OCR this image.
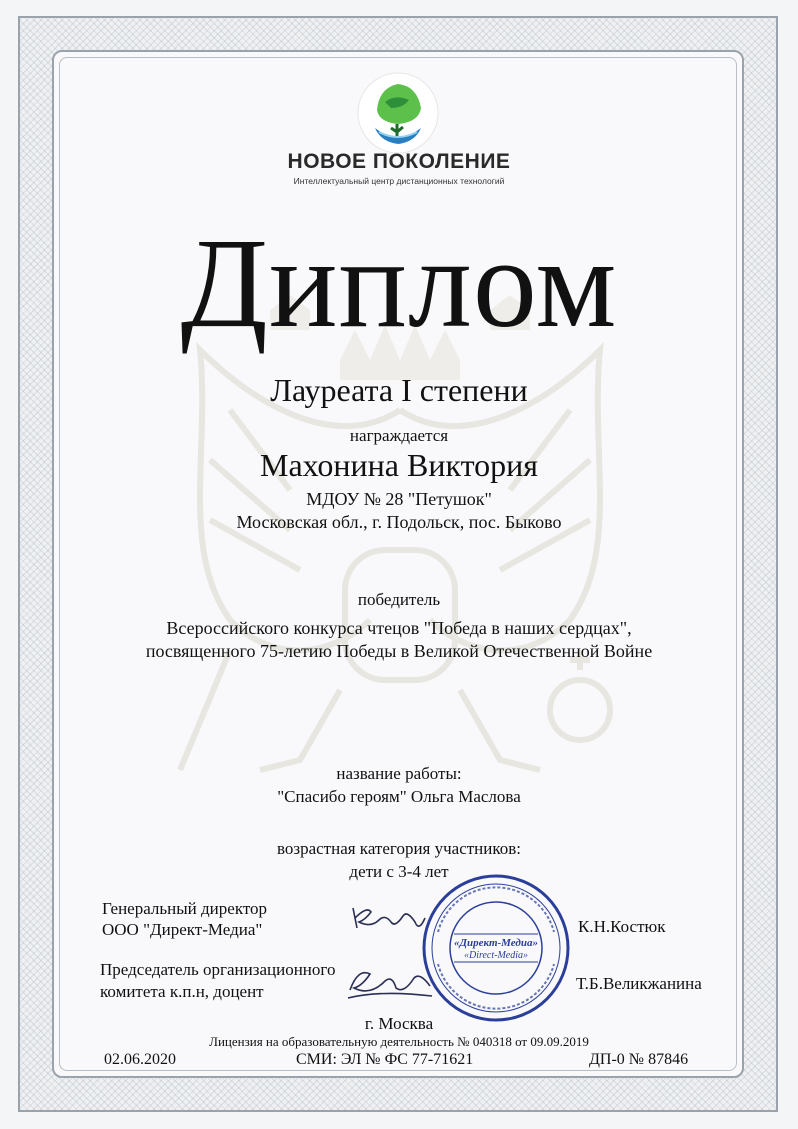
НОВОЕ ПОКОЛЕНИЕ
Интеллектуальный центр дистанционных технологий
Диплом
Лауреата I степени
награждается
Махонина Виктория
МДОУ № 28 "Петушок"
Московская обл., г. Подольск, пос. Быково
победитель
Всероссийского конкурса чтецов "Победа в наших сердцах",
посвященного 75-летию Победы в Великой Отечественной Войне
название работы:
"Спасибо героям" Ольга Маслова
возрастная категория участников:
дети с 3-4 лет
Генеральный директор
ООО "Директ-Медиа"	К.Н.Костюк
Председатель организационного
комитета к.п.н, доцент	Т.Б.Великжанина
«Директ-Медиа»
«Direct-Media»
г. Москва
Лицензия на образовательную деятельность № 040318 от 09.09.2019
02.06.2020	СМИ: ЭЛ № ФС 77-71621	ДП-0 № 87846
